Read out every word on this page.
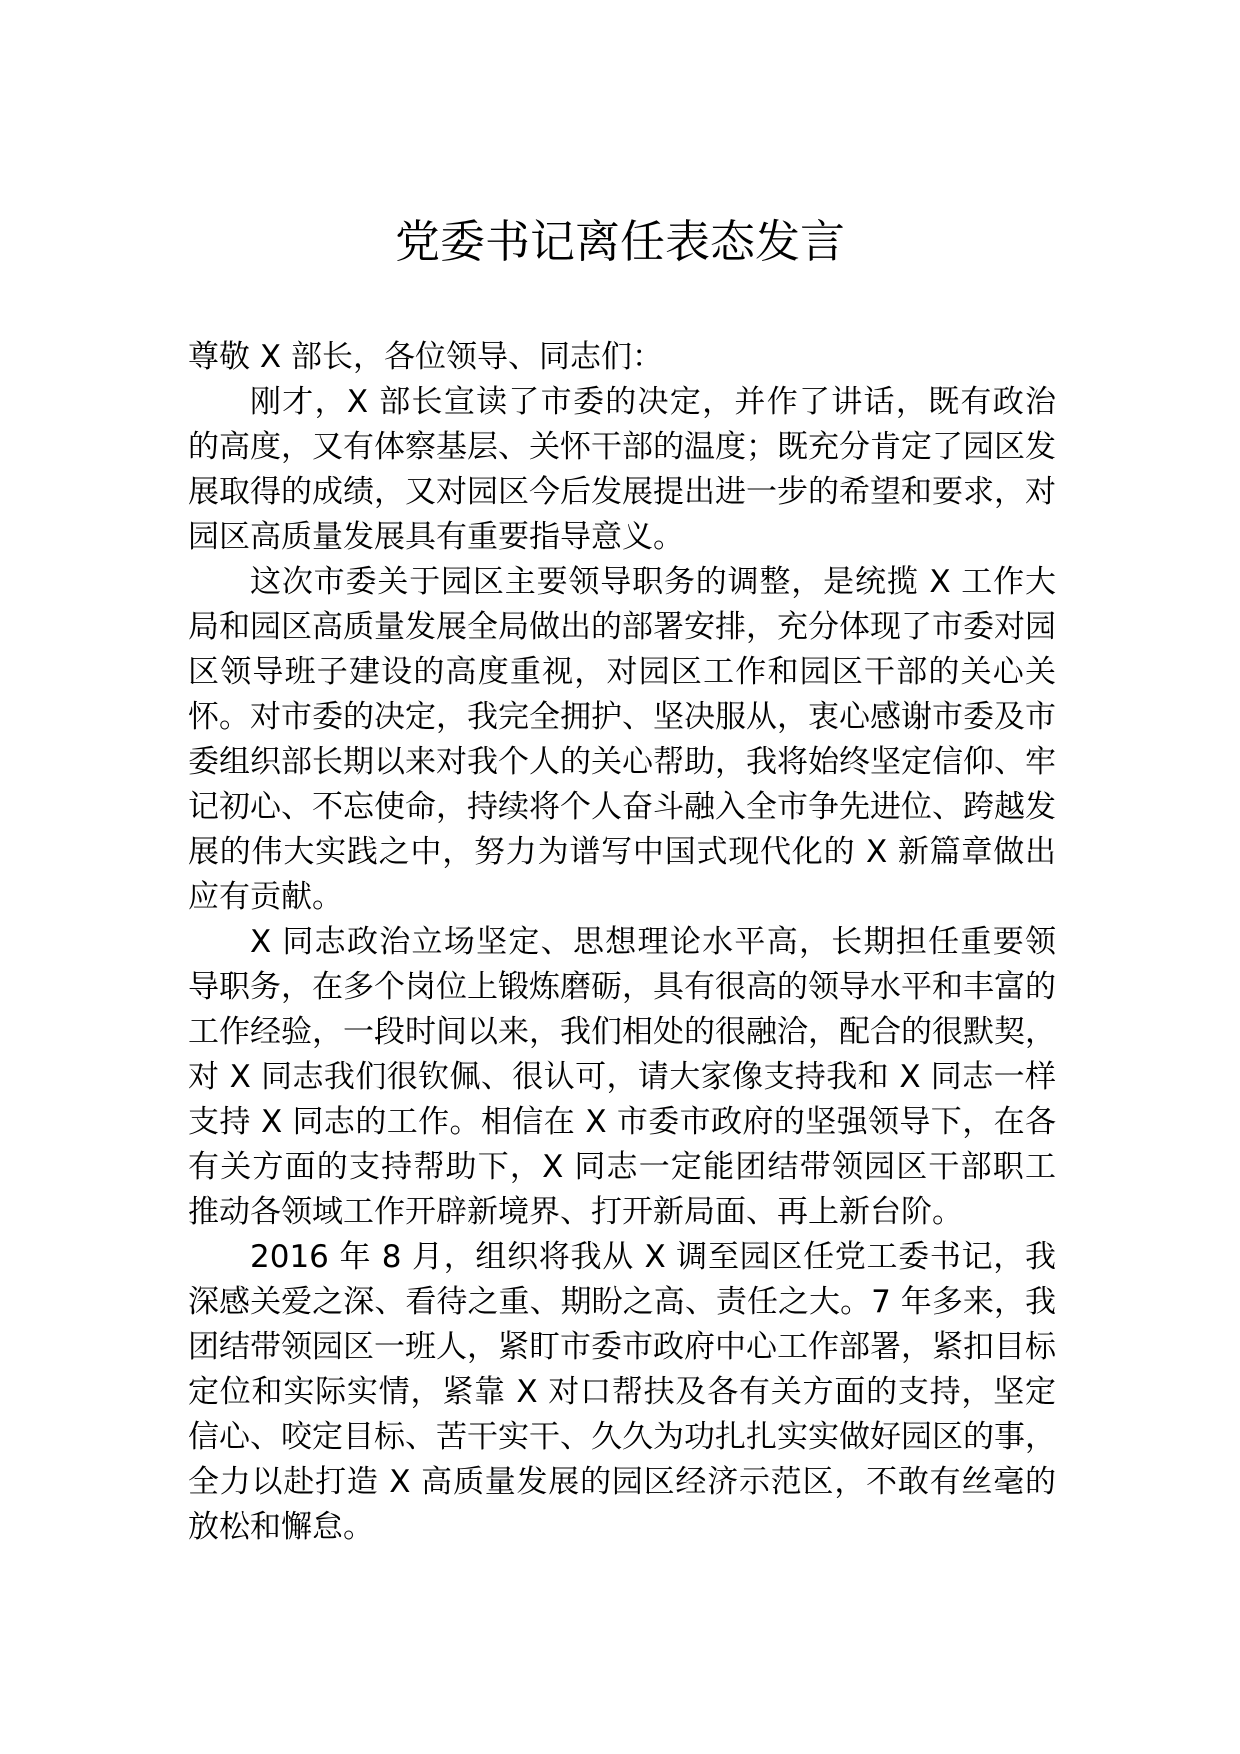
党委书记离任表态发言

尊敬 X 部长，各位领导、同志们：

刚才，X 部长宣读了市委的决定，并作了讲话，既有政治的高度，又有体察基层、关怀干部的温度；既充分肯定了园区发展取得的成绩，又对园区今后发展提出进一步的希望和要求，对园区高质量发展具有重要指导意义。

这次市委关于园区主要领导职务的调整，是统揽 X 工作大局和园区高质量发展全局做出的部署安排，充分体现了市委对园区领导班子建设的高度重视，对园区工作和园区干部的关心关怀。对市委的决定，我完全拥护、坚决服从，衷心感谢市委及市委组织部长期以来对我个人的关心帮助，我将始终坚定信仰、牢记初心、不忘使命，持续将个人奋斗融入全市争先进位、跨越发展的伟大实践之中，努力为谱写中国式现代化的 X 新篇章做出应有贡献。

X 同志政治立场坚定、思想理论水平高，长期担任重要领导职务，在多个岗位上锻炼磨砺，具有很高的领导水平和丰富的工作经验，一段时间以来，我们相处的很融洽，配合的很默契，对 X 同志我们很钦佩、很认可，请大家像支持我和 X 同志一样支持 X 同志的工作。相信在 X 市委市政府的坚强领导下，在各有关方面的支持帮助下，X 同志一定能团结带领园区干部职工推动各领域工作开辟新境界、打开新局面、再上新台阶。

2016 年 8 月，组织将我从 X 调至园区任党工委书记，我深感关爱之深、看待之重、期盼之高、责任之大。7 年多来，我团结带领园区一班人，紧盯市委市政府中心工作部署，紧扣目标定位和实际实情，紧靠 X 对口帮扶及各有关方面的支持，坚定信心、咬定目标、苦干实干、久久为功扎扎实实做好园区的事，全力以赴打造 X 高质量发展的园区经济示范区，不敢有丝毫的放松和懈怠。
